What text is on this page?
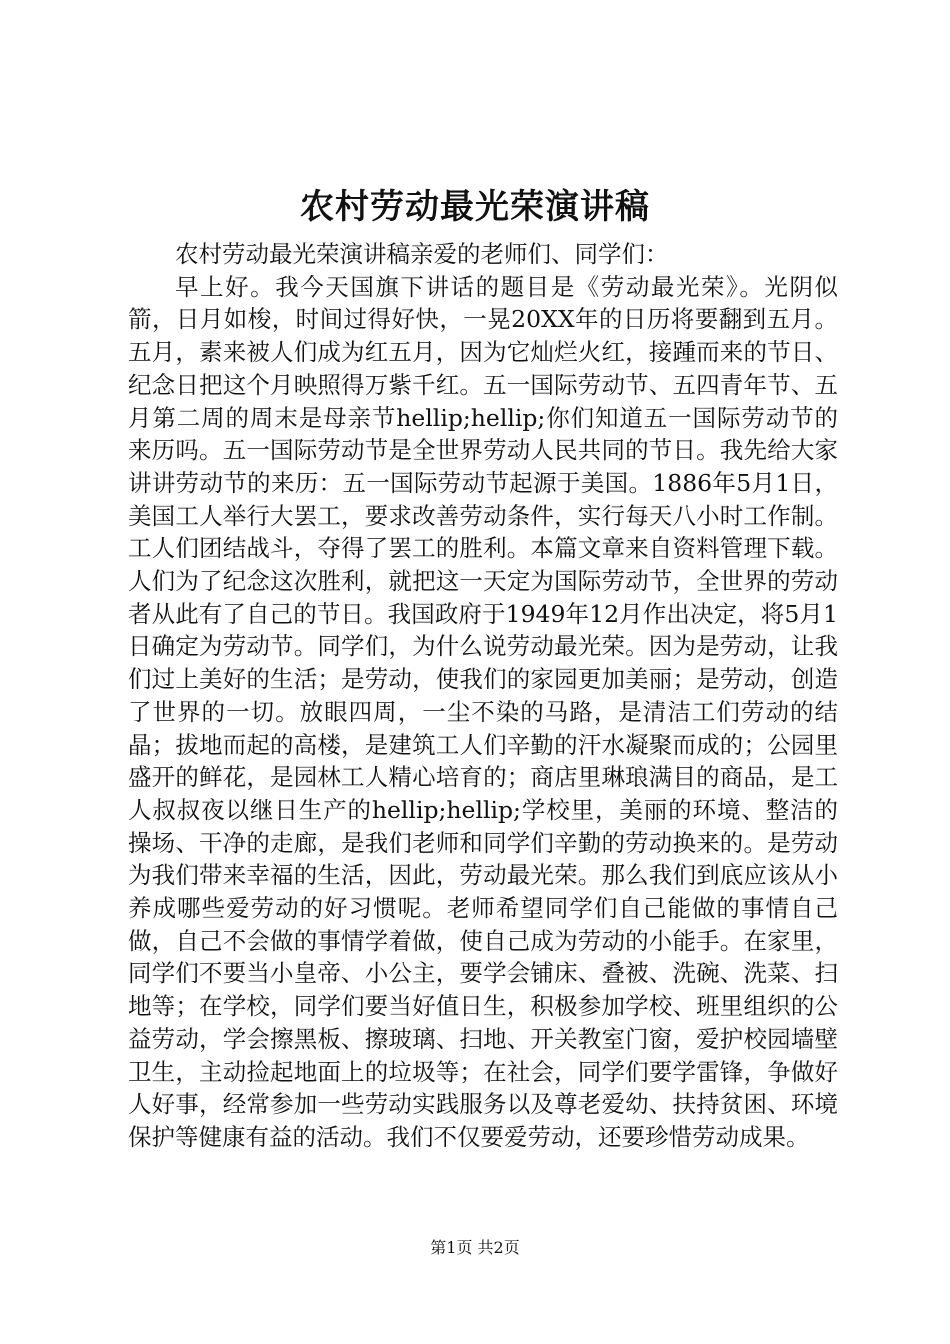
农村劳动最光荣演讲稿

农村劳动最光荣演讲稿亲爱的老师们、同学们：

早上好。我今天国旗下讲话的题目是《劳动最光荣》。光阴似箭，日月如梭，时间过得好快，一晃20XX年的日历将要翻到五月。五月，素来被人们成为红五月，因为它灿烂火红，接踵而来的节日、纪念日把这个月映照得万紫千红。五一国际劳动节、五四青年节、五月第二周的周末是母亲节hellip;hellip;你们知道五一国际劳动节的来历吗。五一国际劳动节是全世界劳动人民共同的节日。我先给大家讲讲劳动节的来历：五一国际劳动节起源于美国。1886年5月1日，美国工人举行大罢工，要求改善劳动条件，实行每天八小时工作制。工人们团结战斗，夺得了罢工的胜利。本篇文章来自资料管理下载。人们为了纪念这次胜利，就把这一天定为国际劳动节，全世界的劳动者从此有了自己的节日。我国政府于1949年12月作出决定，将5月1日确定为劳动节。同学们，为什么说劳动最光荣。因为是劳动，让我们过上美好的生活；是劳动，使我们的家园更加美丽；是劳动，创造了世界的一切。放眼四周，一尘不染的马路，是清洁工们劳动的结晶；拔地而起的高楼，是建筑工人们辛勤的汗水凝聚而成的；公园里盛开的鲜花，是园林工人精心培育的；商店里琳琅满目的商品，是工人叔叔夜以继日生产的hellip;hellip;学校里，美丽的环境、整洁的操场、干净的走廊，是我们老师和同学们辛勤的劳动换来的。是劳动为我们带来幸福的生活，因此，劳动最光荣。那么我们到底应该从小养成哪些爱劳动的好习惯呢。老师希望同学们自己能做的事情自己做，自己不会做的事情学着做，使自己成为劳动的小能手。在家里，同学们不要当小皇帝、小公主，要学会铺床、叠被、洗碗、洗菜、扫地等；在学校，同学们要当好值日生，积极参加学校、班里组织的公益劳动，学会擦黑板、擦玻璃、扫地、开关教室门窗，爱护校园墙壁卫生，主动捡起地面上的垃圾等；在社会，同学们要学雷锋，争做好人好事，经常参加一些劳动实践服务以及尊老爱幼、扶持贫困、环境保护等健康有益的活动。我们不仅要爱劳动，还要珍惜劳动成果。

第1页 共2页
